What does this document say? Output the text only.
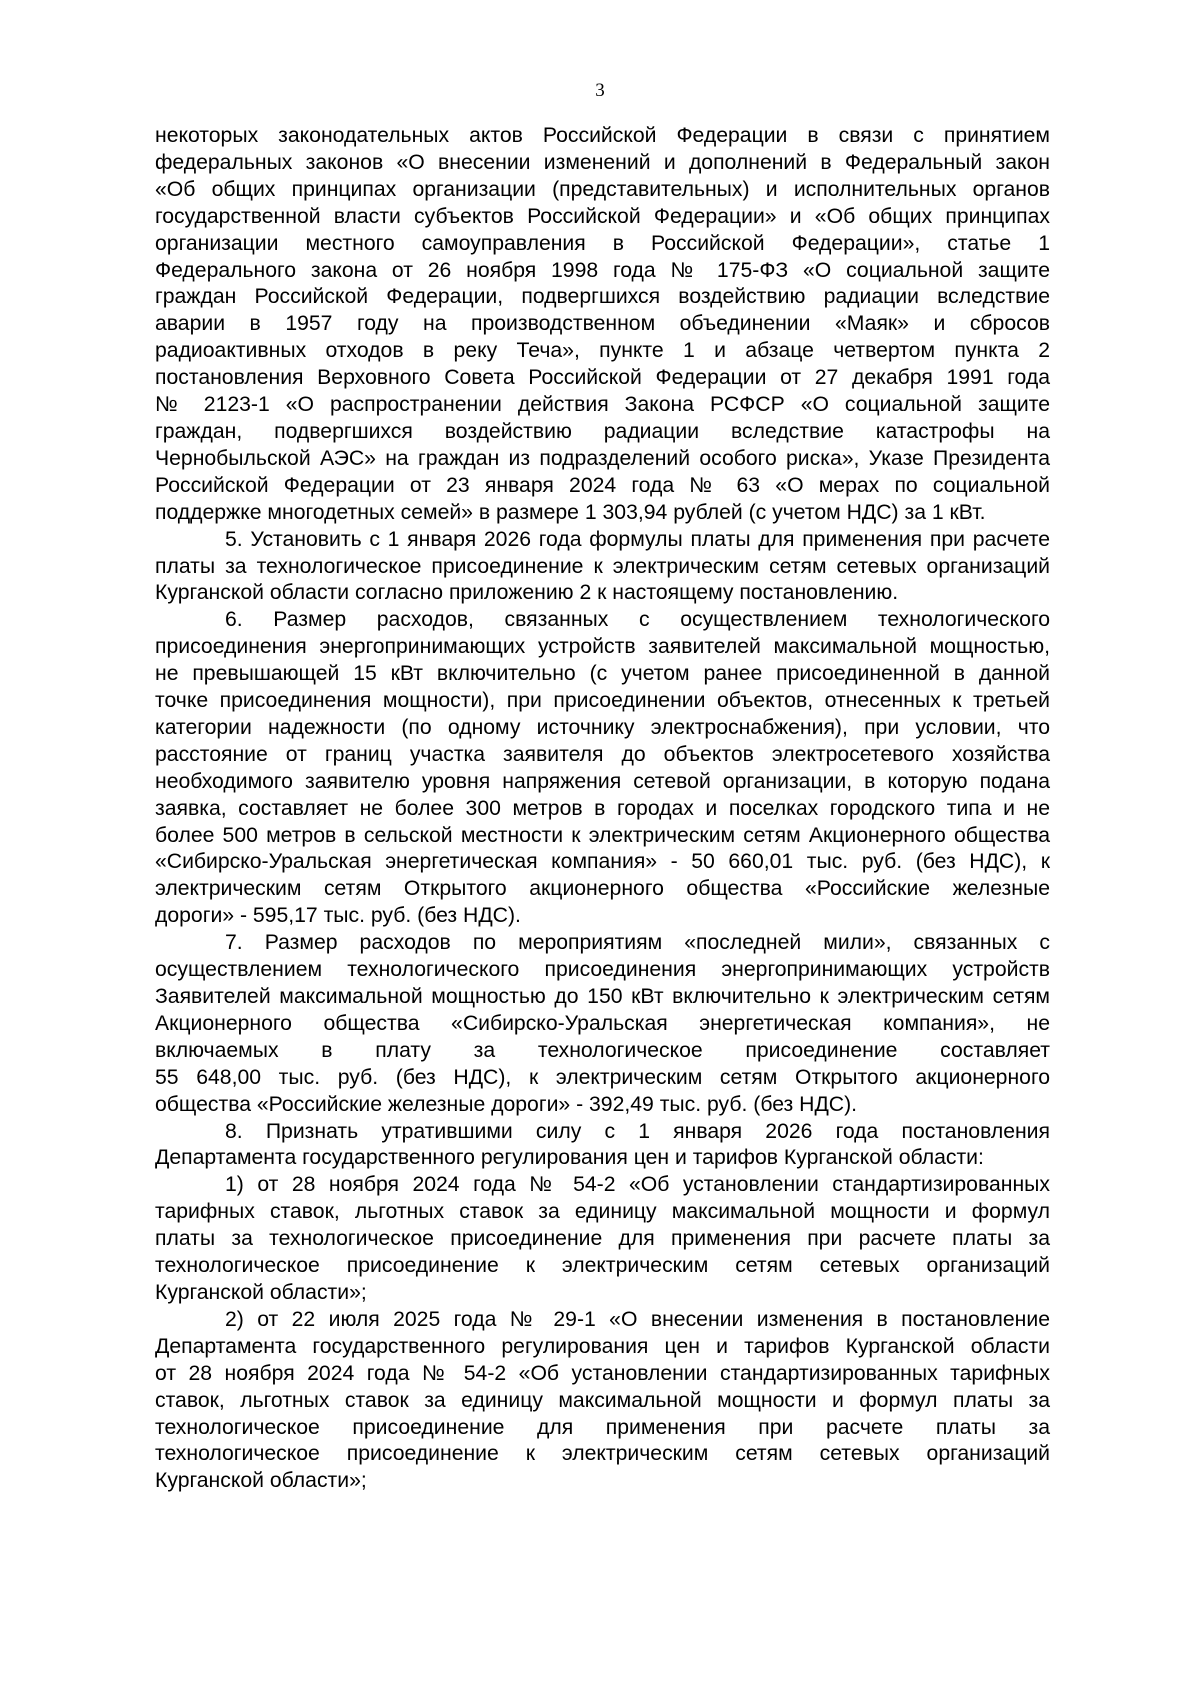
3
некоторых законодательных актов Российской Федерации в связи с принятием
федеральных законов «О внесении изменений и дополнений в Федеральный закон
«Об общих принципах организации (представительных) и исполнительных органов
государственной власти субъектов Российской Федерации» и «Об общих принципах
организации местного самоуправления в Российской Федерации», статье 1
Федерального закона от 26 ноября 1998 года № 175-ФЗ «О социальной защите
граждан Российской Федерации, подвергшихся воздействию радиации вследствие
аварии в 1957 году на производственном объединении «Маяк» и сбросов
радиоактивных отходов в реку Теча», пункте 1 и абзаце четвертом пункта 2
постановления Верховного Совета Российской Федерации от 27 декабря 1991 года
№ 2123-1 «О распространении действия Закона РСФСР «О социальной защите
граждан, подвергшихся воздействию радиации вследствие катастрофы на
Чернобыльской АЭС» на граждан из подразделений особого риска», Указе Президента
Российской Федерации от 23 января 2024 года № 63 «О мерах по социальной
поддержке многодетных семей» в размере 1 303,94 рублей (с учетом НДС) за 1 кВт.
5. Установить с 1 января 2026 года формулы платы для применения при расчете
платы за технологическое присоединение к электрическим сетям сетевых организаций
Курганской области согласно приложению 2 к настоящему постановлению.
6. Размер расходов, связанных с осуществлением технологического
присоединения энергопринимающих устройств заявителей максимальной мощностью,
не превышающей 15 кВт включительно (с учетом ранее присоединенной в данной
точке присоединения мощности), при присоединении объектов, отнесенных к третьей
категории надежности (по одному источнику электроснабжения), при условии, что
расстояние от границ участка заявителя до объектов электросетевого хозяйства
необходимого заявителю уровня напряжения сетевой организации, в которую подана
заявка, составляет не более 300 метров в городах и поселках городского типа и не
более 500 метров в сельской местности к электрическим сетям Акционерного общества
«Сибирско-Уральская энергетическая компания» - 50 660,01 тыс. руб. (без НДС), к
электрическим сетям Открытого акционерного общества «Российские железные
дороги» - 595,17 тыс. руб. (без НДС).
7. Размер расходов по мероприятиям «последней мили», связанных с
осуществлением технологического присоединения энергопринимающих устройств
Заявителей максимальной мощностью до 150 кВт включительно к электрическим сетям
Акционерного общества «Сибирско-Уральская энергетическая компания», не
включаемых в плату за технологическое присоединение составляет
55 648,00 тыс. руб. (без НДС), к электрическим сетям Открытого акционерного
общества «Российские железные дороги» - 392,49 тыс. руб. (без НДС).
8. Признать утратившими силу с 1 января 2026 года постановления
Департамента государственного регулирования цен и тарифов Курганской области:
1) от 28 ноября 2024 года № 54-2 «Об установлении стандартизированных
тарифных ставок, льготных ставок за единицу максимальной мощности и формул
платы за технологическое присоединение для применения при расчете платы за
технологическое присоединение к электрическим сетям сетевых организаций
Курганской области»;
2) от 22 июля 2025 года № 29-1 «О внесении изменения в постановление
Департамента государственного регулирования цен и тарифов Курганской области
от 28 ноября 2024 года № 54-2 «Об установлении стандартизированных тарифных
ставок, льготных ставок за единицу максимальной мощности и формул платы за
технологическое присоединение для применения при расчете платы за
технологическое присоединение к электрическим сетям сетевых организаций
Курганской области»;
